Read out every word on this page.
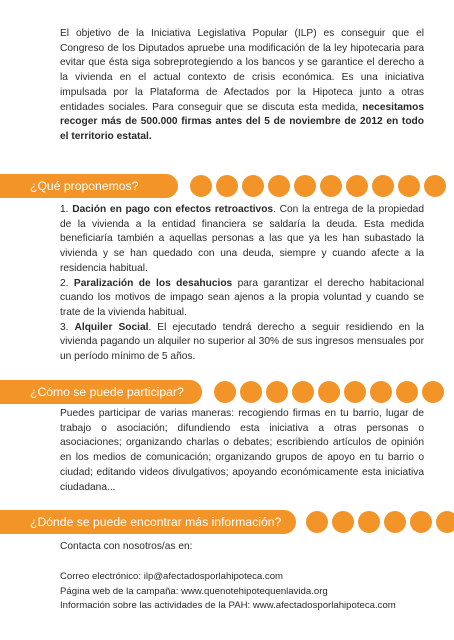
El objetivo de la Iniciativa Legislativa Popular (ILP) es conseguir que el Congreso de los Diputados apruebe una modificación de la ley hipotecaria para evitar que ésta siga sobreprotegiendo a los bancos y se garantice el derecho a la vivienda en el actual contexto de crisis económica. Es una iniciativa impulsada por la Plataforma de Afectados por la Hipoteca junto a otras entidades sociales. Para conseguir que se discuta esta medida, necesitamos recoger más de 500.000 firmas antes del 5 de noviembre de 2012 en todo el territorio estatal.
¿Qué proponemos?

1. Dación en pago con efectos retroactivos. Con la entrega de la propiedad de la vivienda a la entidad financiera se saldaría la deuda. Esta medida beneficiaría también a aquellas personas a las que ya les han subastado la vivienda y se han quedado con una deuda, siempre y cuando afecte a la residencia habitual.

2. Paralización de los desahucios para garantizar el derecho habitacional cuando los motivos de impago sean ajenos a la propia voluntad y cuando se trate de la vivienda habitual.

3. Alquiler Social. El ejecutado tendrá derecho a seguir residiendo en la vivienda pagando un alquiler no superior al 30% de sus ingresos mensuales por un período mínimo de 5 años.

¿Cómo se puede participar?
Puedes participar de varias maneras: recogiendo firmas en tu barrio, lugar de trabajo o asociación; difundiendo esta iniciativa a otras personas o asociaciones; organizando charlas o debates; escribiendo artículos de opinión en los medios de comunicación; organizando grupos de apoyo en tu barrio o ciudad; editando videos divulgativos; apoyando económicamente esta iniciativa ciudadana...
¿Dónde se puede encontrar más información?
Contacta con nosotros/as en:
Correo electrónico: ilp@afectadosporlahipoteca.com
Página web de la campaña: www.quenotehipotequenlavida.org
Información sobre las actividades de la PAH: www.afectadosporlahipoteca.com
